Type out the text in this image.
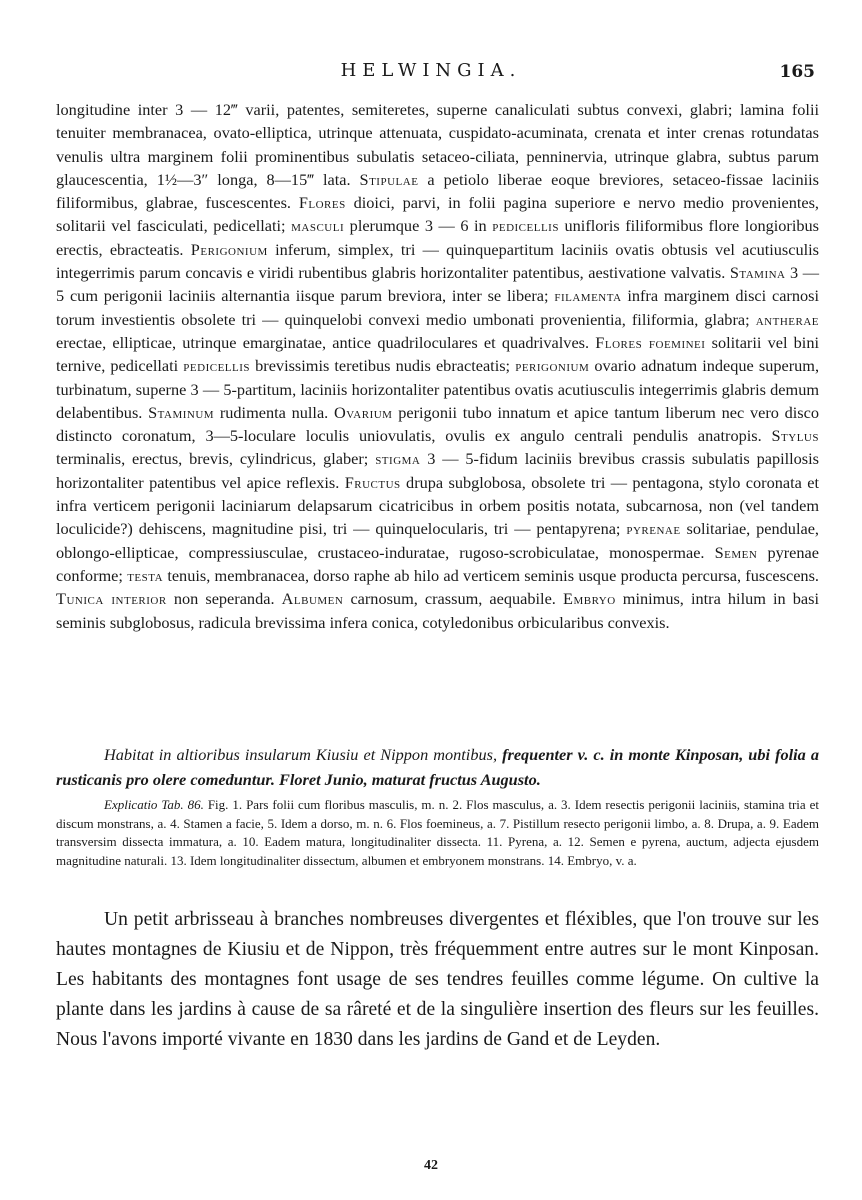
HELWINGIA.	165

longitudine inter 3 — 12‴ varii, patentes, semiteretes, superne canaliculati subtus convexi, glabri; lamina folii tenuiter membranacea, ovato-elliptica, utrinque attenuata, cuspidato-acuminata, crenata et inter crenas rotundatas venulis ultra marginem folii prominentibus subulatis setaceo-ciliata, penninervia, utrinque glabra, subtus parum glaucescentia, 1½—3″ longa, 8—15‴ lata. Stipulae a petiolo liberae eoque breviores, setaceo-fissae laciniis filiformibus, glabrae, fuscescentes. Flores dioici, parvi, in folii pagina superiore e nervo medio provenientes, solitarii vel fasciculati, pedicellati; masculi plerumque 3 — 6 in pedicellis unifloris filiformibus flore longioribus erectis, ebracteatis. Perigonium inferum, simplex, tri — quinquepartitum laciniis ovatis obtusis vel acutiusculis integerrimis parum concavis e viridi rubentibus glabris horizontaliter patentibus, aestivatione valvatis. Stamina 3 — 5 cum perigonii laciniis alternantia iisque parum breviora, inter se libera; filamenta infra marginem disci carnosi torum investientis obsolete tri — quinquelobi convexi medio umbonati provenientia, filiformia, glabra; antherae erectae, ellipticae, utrinque emarginatae, antice quadriloculares et quadrivalves. Flores foeminei solitarii vel bini ternive, pedicellati pedicellis brevissimis teretibus nudis ebracteatis; perigonium ovario adnatum indeque superum, turbinatum, superne 3 — 5-partitum, laciniis horizontaliter patentibus ovatis acutiusculis integerrimis glabris demum delabentibus. Staminum rudimenta nulla. Ovarium perigonii tubo innatum et apice tantum liberum nec vero disco distincto coronatum, 3—5-loculare loculis uniovulatis, ovulis ex angulo centrali pendulis anatropis. Stylus terminalis, erectus, brevis, cylindricus, glaber; stigma 3 — 5-fidum laciniis brevibus crassis subulatis papillosis horizontaliter patentibus vel apice reflexis. Fructus drupa subglobosa, obsolete tri — pentagona, stylo coronata et infra verticem perigonii laciniarum delapsarum cicatricibus in orbem positis notata, subcarnosa, non (vel tandem loculicide?) dehiscens, magnitudine pisi, tri — quinquelocularis, tri — pentapyrena; pyrenae solitariae, pendulae, oblongo-ellipticae, compressiusculae, crustaceo-induratae, rugoso-scrobiculatae, monospermae. Semen pyrenae conforme; testa tenuis, membranacea, dorso raphe ab hilo ad verticem seminis usque producta percursa, fuscescens. Tunica interior non seperanda. Albumen carnosum, crassum, aequabile. Embryo minimus, intra hilum in basi seminis subglobosus, radicula brevissima infera conica, cotyledonibus orbicularibus convexis.

Habitat in altioribus insularum Kiusiu et Nippon montibus, frequenter v. c. in monte Kinposan, ubi folia a rusticanis pro olere comeduntur. Floret Junio, maturat fructus Augusto.

Explicatio Tab. 86. Fig. 1. Pars folii cum floribus masculis, m. n. 2. Flos masculus, a. 3. Idem resectis perigonii laciniis, stamina tria et discum monstrans, a. 4. Stamen a facie, 5. Idem a dorso, m. n. 6. Flos foemineus, a. 7. Pistillum resecto perigonii limbo, a. 8. Drupa, a. 9. Eadem transversim dissecta immatura, a. 10. Eadem matura, longitudinaliter dissecta. 11. Pyrena, a. 12. Semen e pyrena, auctum, adjecta ejusdem magnitudine naturali. 13. Idem longitudinaliter dissectum, albumen et embryonem monstrans. 14. Embryo, v. a.

Un petit arbrisseau à branches nombreuses divergentes et fléxibles, que l'on trouve sur les hautes montagnes de Kiusiu et de Nippon, très fréquemment entre autres sur le mont Kinposan. Les habitants des montagnes font usage de ses tendres feuilles comme légume. On cultive la plante dans les jardins à cause de sa râreté et de la singulière insertion des fleurs sur les feuilles. Nous l'avons importé vivante en 1830 dans les jardins de Gand et de Leyden.

42
